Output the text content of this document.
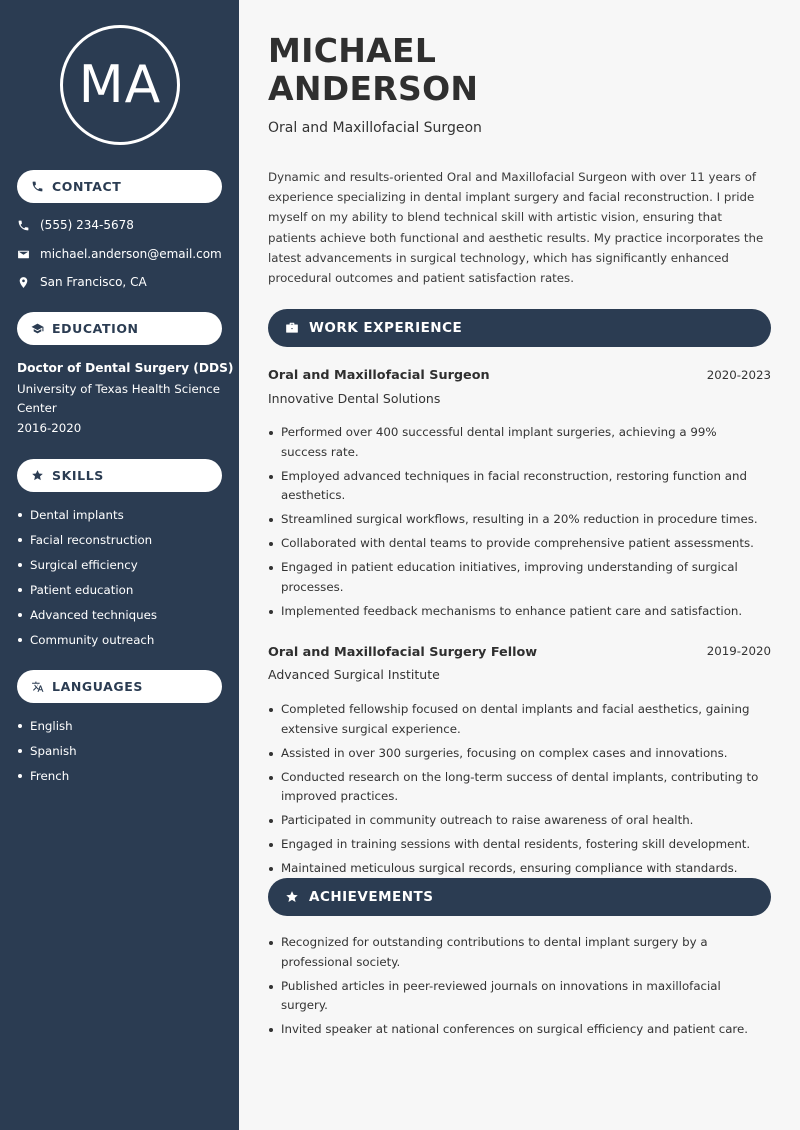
MA
CONTACT
(555) 234-5678
michael.anderson@email.com
San Francisco, CA
EDUCATION
Doctor of Dental Surgery (DDS)
University of Texas Health Science
Center
2016-2020
SKILLS
Dental implants
Facial reconstruction
Surgical efficiency
Patient education
Advanced techniques
Community outreach
LANGUAGES
English
Spanish
French
MICHAEL
ANDERSON
Oral and Maxillofacial Surgeon

Dynamic and results-oriented Oral and Maxillofacial Surgeon with over 11 years of experience specializing in dental implant surgery and facial reconstruction. I pride myself on my ability to blend technical skill with artistic vision, ensuring that patients achieve both functional and aesthetic results. My practice incorporates the latest advancements in surgical technology, which has significantly enhanced procedural outcomes and patient satisfaction rates.

WORK EXPERIENCE
Oral and Maxillofacial Surgeon	2020-2023
Innovative Dental Solutions
Performed over 400 successful dental implant surgeries, achieving a 99% success rate.
Employed advanced techniques in facial reconstruction, restoring function and aesthetics.
Streamlined surgical workflows, resulting in a 20% reduction in procedure times.
Collaborated with dental teams to provide comprehensive patient assessments.
Engaged in patient education initiatives, improving understanding of surgical processes.
Implemented feedback mechanisms to enhance patient care and satisfaction.
Oral and Maxillofacial Surgery Fellow	2019-2020
Advanced Surgical Institute
Completed fellowship focused on dental implants and facial aesthetics, gaining extensive surgical experience.
Assisted in over 300 surgeries, focusing on complex cases and innovations.
Conducted research on the long-term success of dental implants, contributing to improved practices.
Participated in community outreach to raise awareness of oral health.
Engaged in training sessions with dental residents, fostering skill development.
Maintained meticulous surgical records, ensuring compliance with standards.
ACHIEVEMENTS
Recognized for outstanding contributions to dental implant surgery by a professional society.
Published articles in peer-reviewed journals on innovations in maxillofacial surgery.
Invited speaker at national conferences on surgical efficiency and patient care.
